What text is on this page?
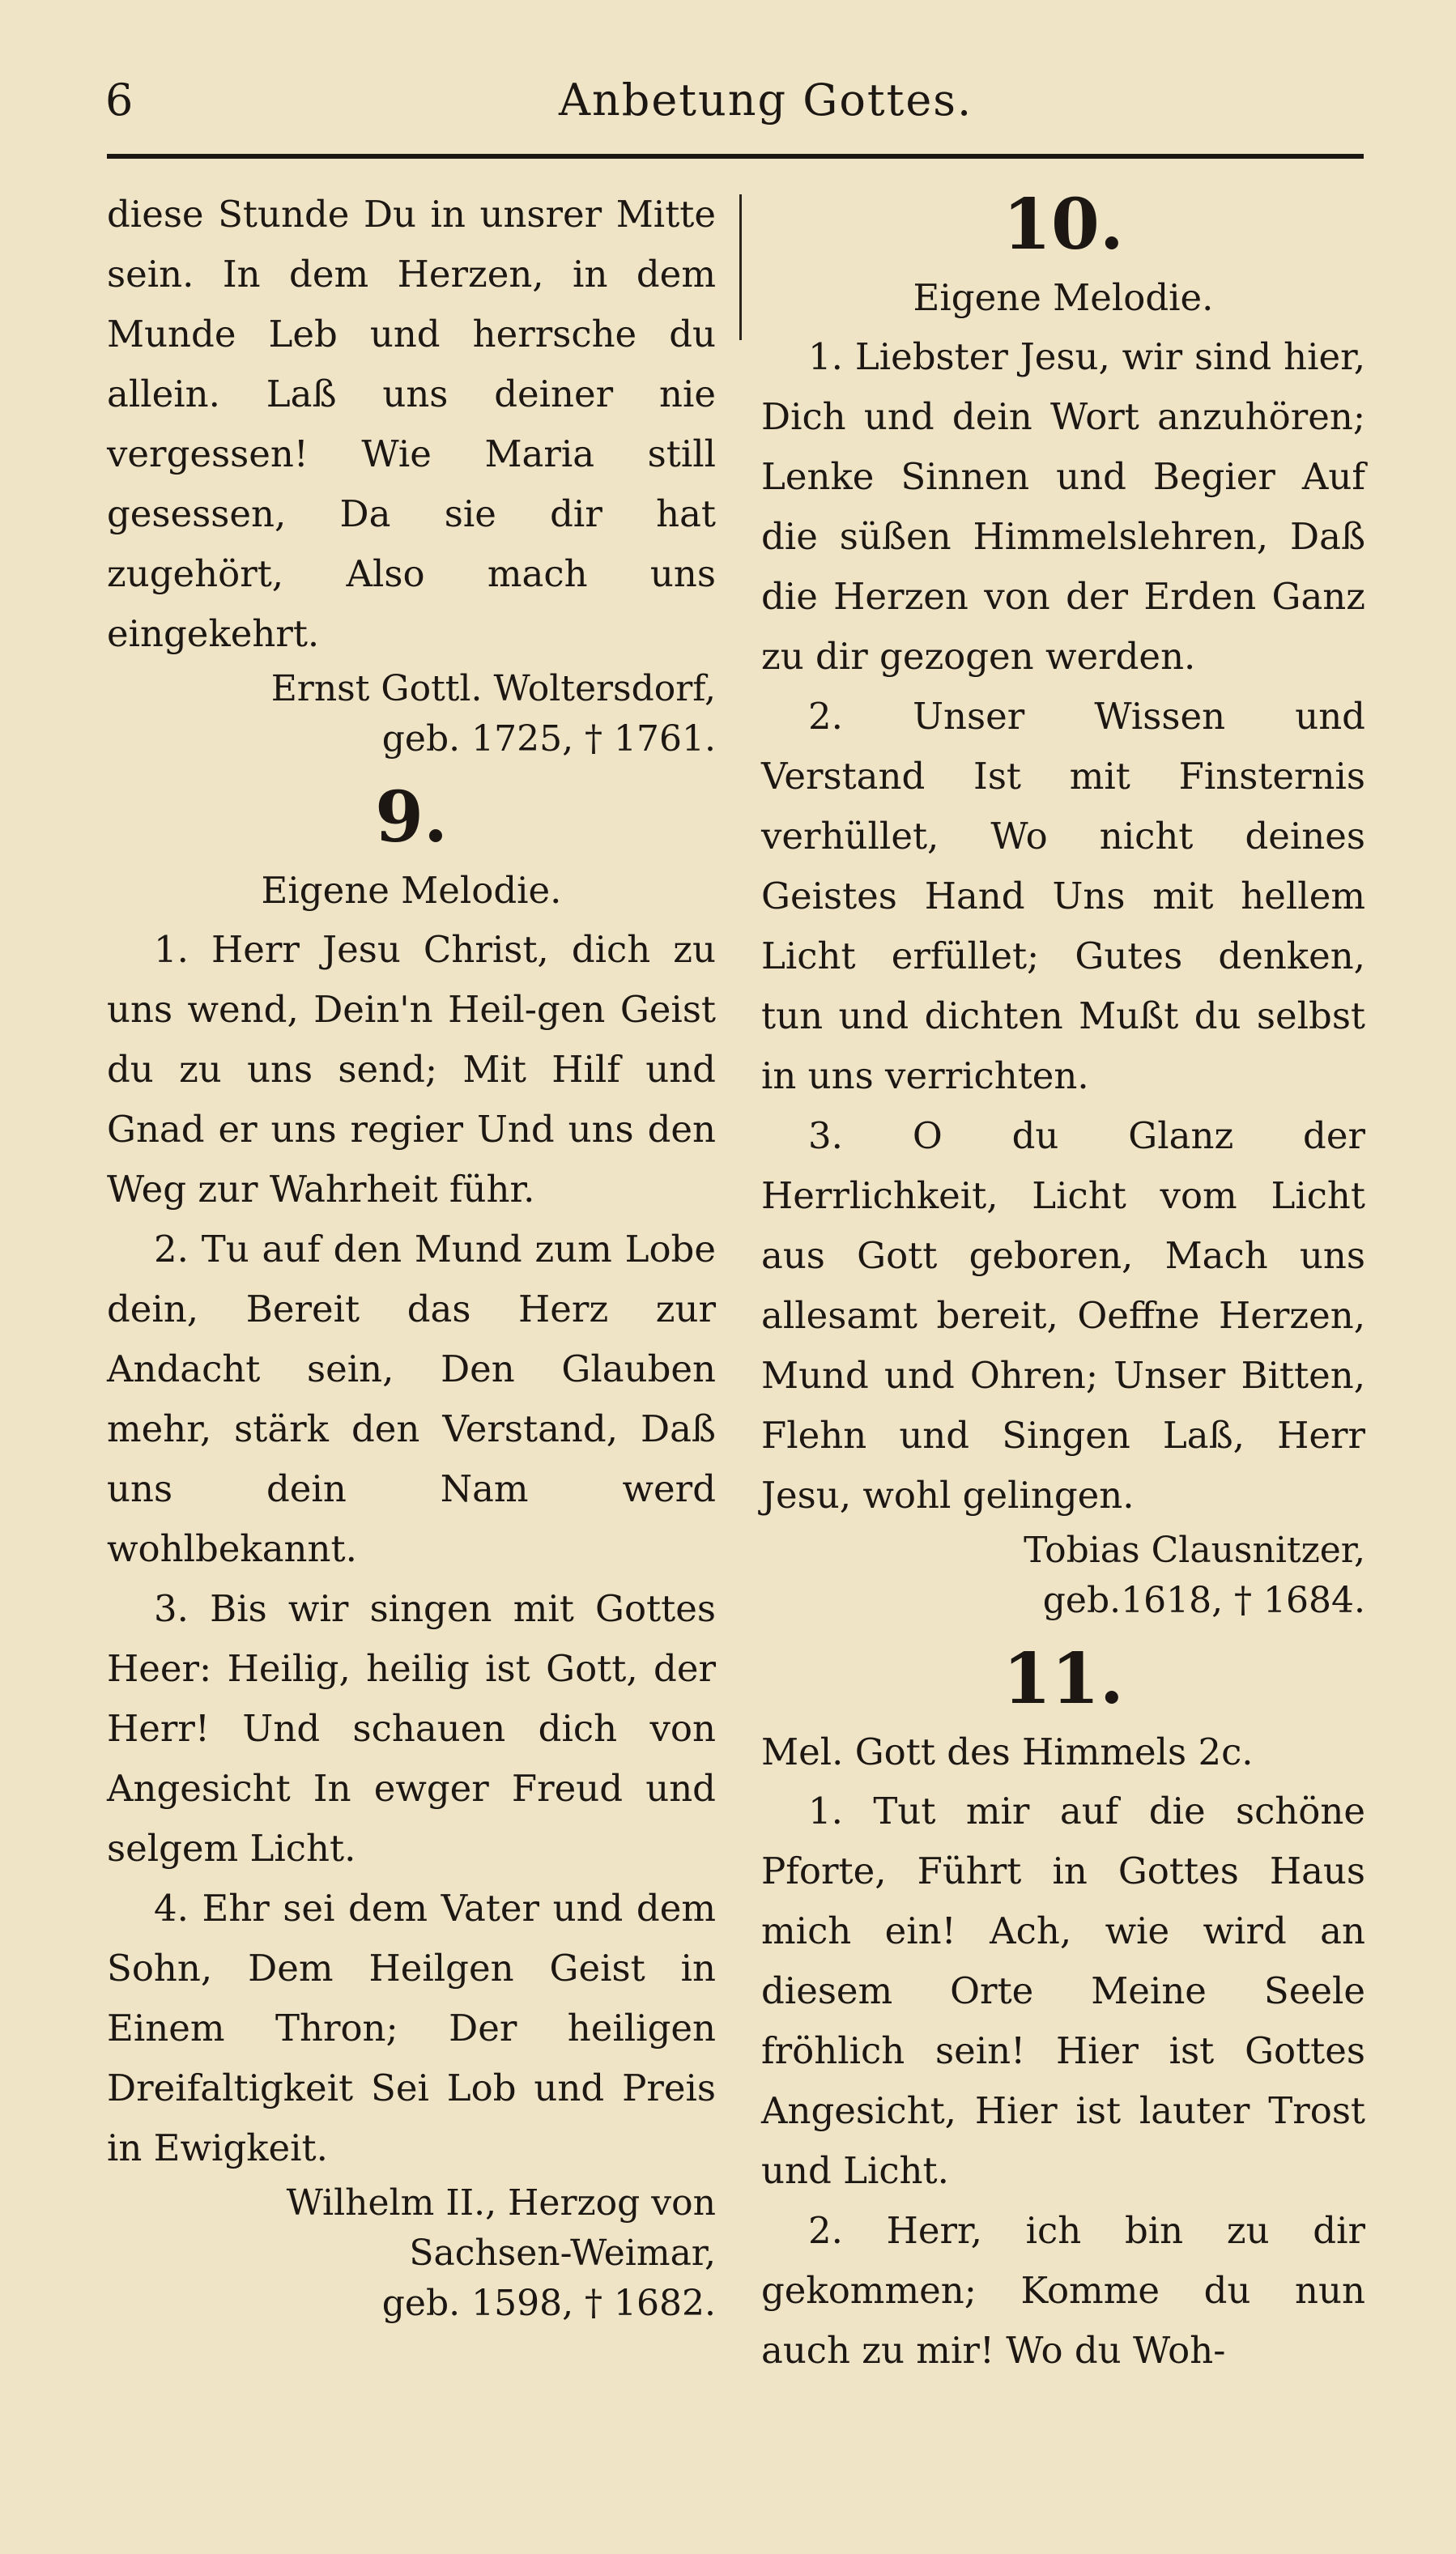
6	Anbetung Gottes.

diese Stunde Du in unsrer Mitte sein. In dem Herzen, in dem Munde Leb und herrsche du allein. Laß uns deiner nie vergessen! Wie Maria still gesessen, Da sie dir hat zugehört, Also mach uns eingekehrt.

Ernst Gottl. Woltersdorf,
geb. 1725, † 1761.

9.
Eigene Melodie.

1. Herr Jesu Christ, dich zu uns wend, Dein'n Heil-gen Geist du zu uns send; Mit Hilf und Gnad er uns regier Und uns den Weg zur Wahrheit führ.

2. Tu auf den Mund zum Lobe dein, Bereit das Herz zur Andacht sein, Den Glauben mehr, stärk den Verstand, Daß uns dein Nam werd wohlbekannt.

3. Bis wir singen mit Gottes Heer: Heilig, heilig ist Gott, der Herr! Und schauen dich von Angesicht In ewger Freud und selgem Licht.

4. Ehr sei dem Vater und dem Sohn, Dem Heilgen Geist in Einem Thron; Der heiligen Dreifaltigkeit Sei Lob und Preis in Ewigkeit.

Wilhelm II., Herzog von
Sachsen-Weimar,
geb. 1598, † 1682.

10.
Eigene Melodie.

1. Liebster Jesu, wir sind hier, Dich und dein Wort anzuhören; Lenke Sinnen und Begier Auf die süßen Himmelslehren, Daß die Herzen von der Erden Ganz zu dir gezogen werden.

2. Unser Wissen und Verstand Ist mit Finsternis verhüllet, Wo nicht deines Geistes Hand Uns mit hellem Licht erfüllet; Gutes denken, tun und dichten Mußt du selbst in uns verrichten.

3. O du Glanz der Herrlichkeit, Licht vom Licht aus Gott geboren, Mach uns allesamt bereit, Oeffne Herzen, Mund und Ohren; Unser Bitten, Flehn und Singen Laß, Herr Jesu, wohl gelingen.

Tobias Clausnitzer,
geb.1618, † 1684.

11.
Mel. Gott des Himmels 2c.

1. Tut mir auf die schöne Pforte, Führt in Gottes Haus mich ein! Ach, wie wird an diesem Orte Meine Seele fröhlich sein! Hier ist Gottes Angesicht, Hier ist lauter Trost und Licht.

2. Herr, ich bin zu dir gekommen; Komme du nun auch zu mir! Wo du Woh-
